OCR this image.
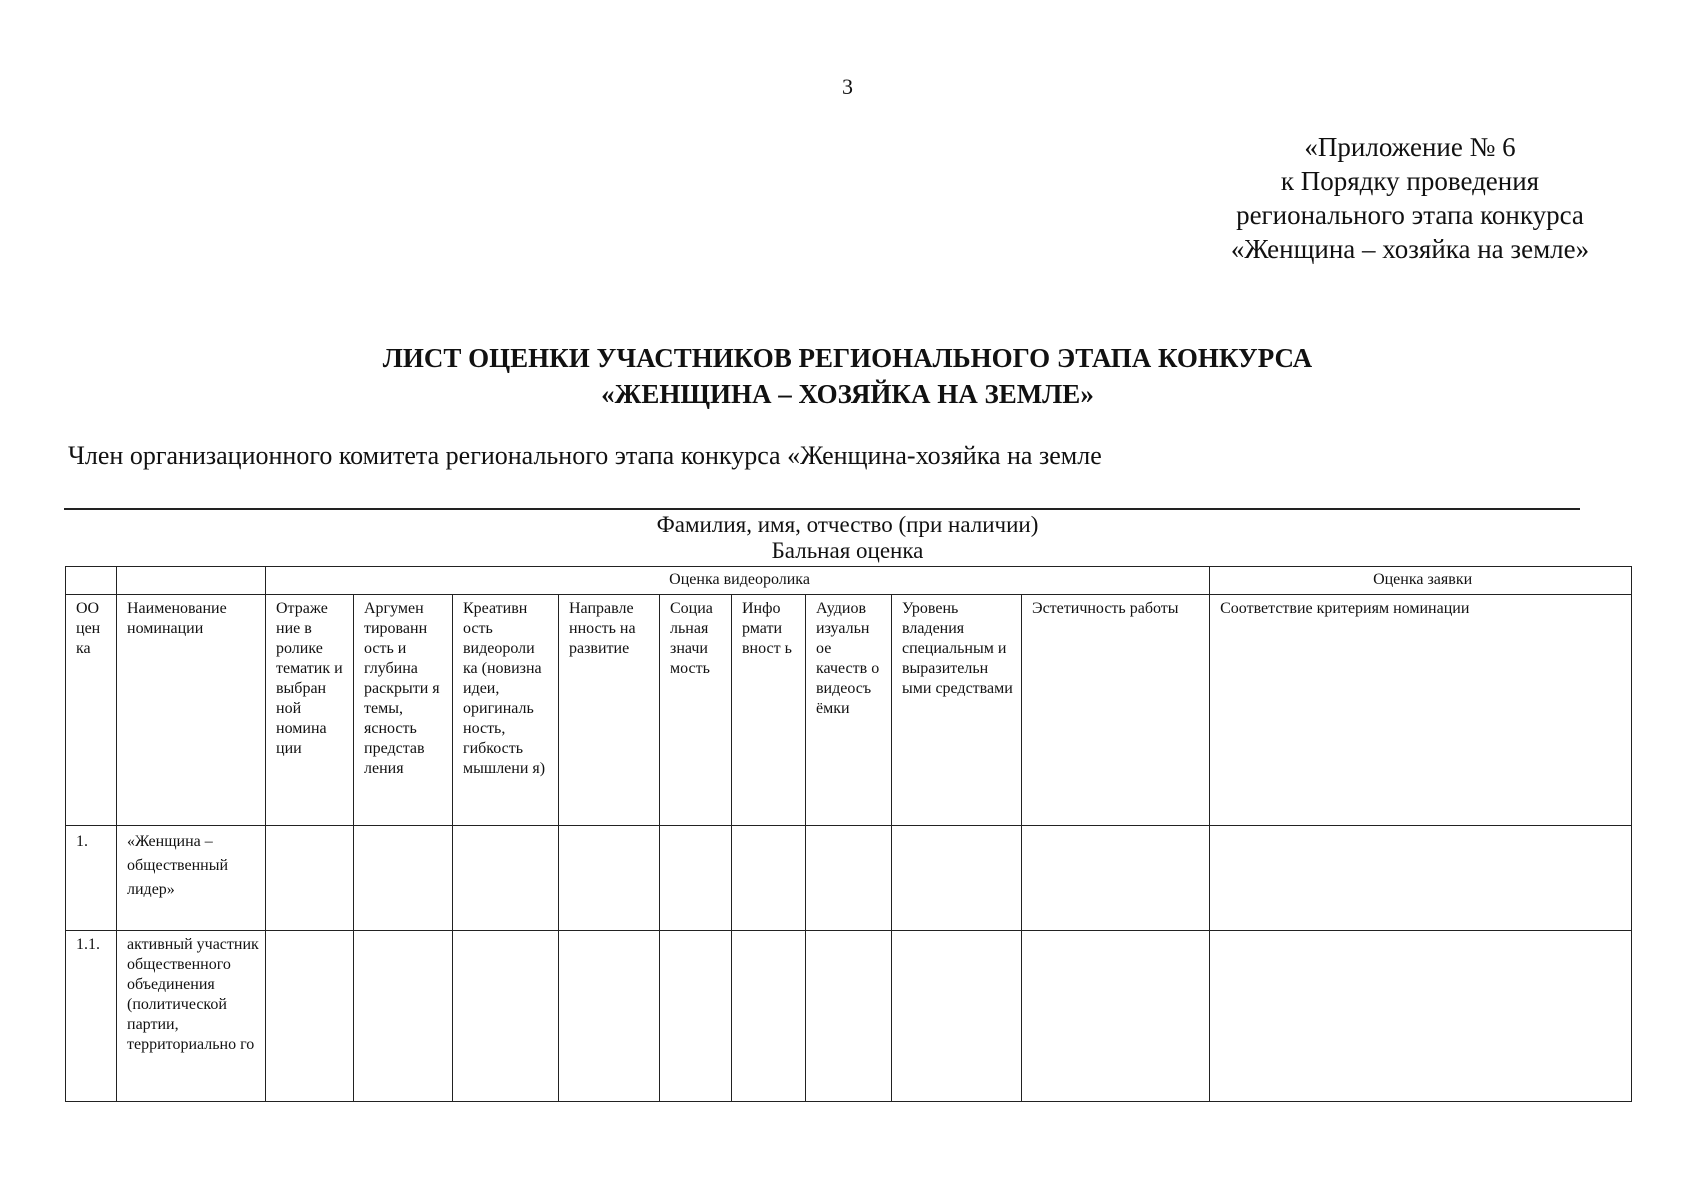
3
«Приложение № 6
к Порядку проведения
регионального этапа конкурса
«Женщина – хозяйка на земле»
ЛИСТ ОЦЕНКИ УЧАСТНИКОВ РЕГИОНАЛЬНОГО ЭТАПА КОНКУРСА
«ЖЕНЩИНА – ХОЗЯЙКА НА ЗЕМЛЕ»
Член организационного комитета регионального этапа конкурса «Женщина-хозяйка на земле
Фамилия, имя, отчество (при наличии)
Бальная оценка
		Оценка видеоролика									Оценка заявки
ОО цен ка	Наименование номинации	Отраже ние в ролике тематик и выбран ной номина ции	Аргумен тированн ость и глубина раскрыти я темы, ясность представ ления	Креативн ость видеороли ка (новизна идеи, оригиналь ность, гибкость мышлени я)	Направле нность на развитие	Социа льная значи мость	Инфо рмати вност ь	Аудиов изуальн ое качеств о видеосъ ёмки	Уровень владения специальным и выразительн ыми средствами	Эстетичность работы	Соответствие критериям номинации
1.	«Женщина – общественный лидер»										
1.1.	активный участник общественного объединения (политической партии, территориально го										
